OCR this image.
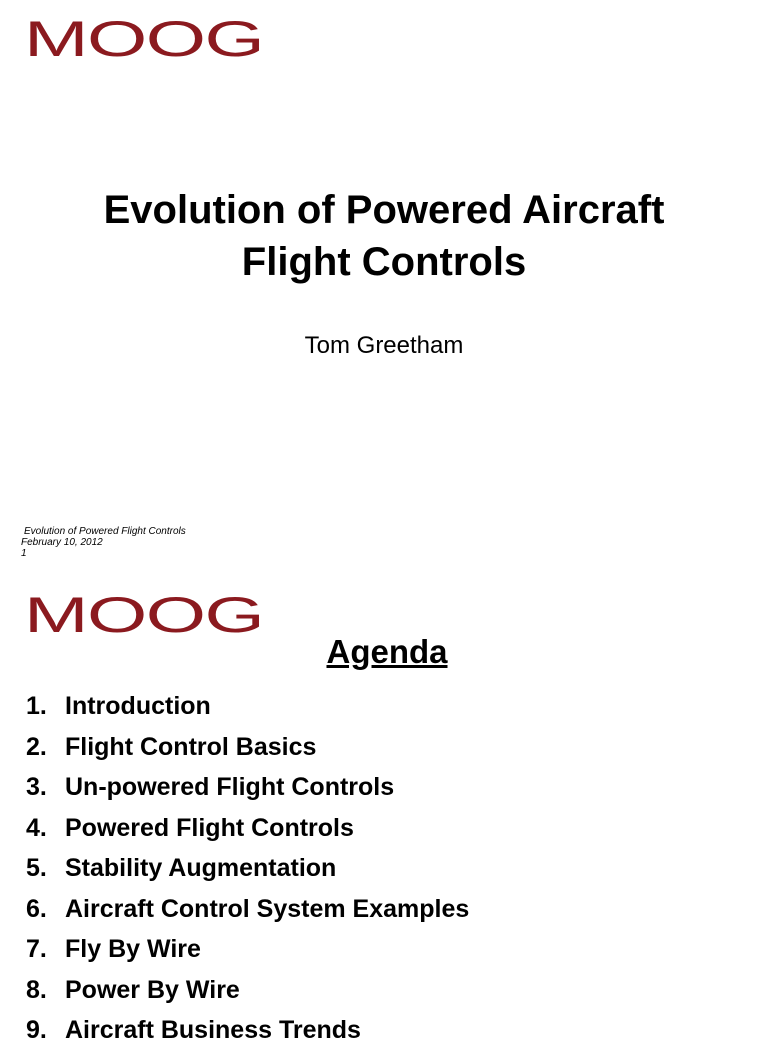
MOOG
Evolution of Powered Aircraft
Flight Controls
Tom Greetham
Evolution of Powered Flight Controls
February 10, 2012
1
MOOG
Agenda
1. Introduction
2. Flight Control Basics
3. Un-powered Flight Controls
4. Powered Flight Controls
5. Stability Augmentation
6. Aircraft Control System Examples
7. Fly By Wire
8. Power By Wire
9. Aircraft Business Trends
